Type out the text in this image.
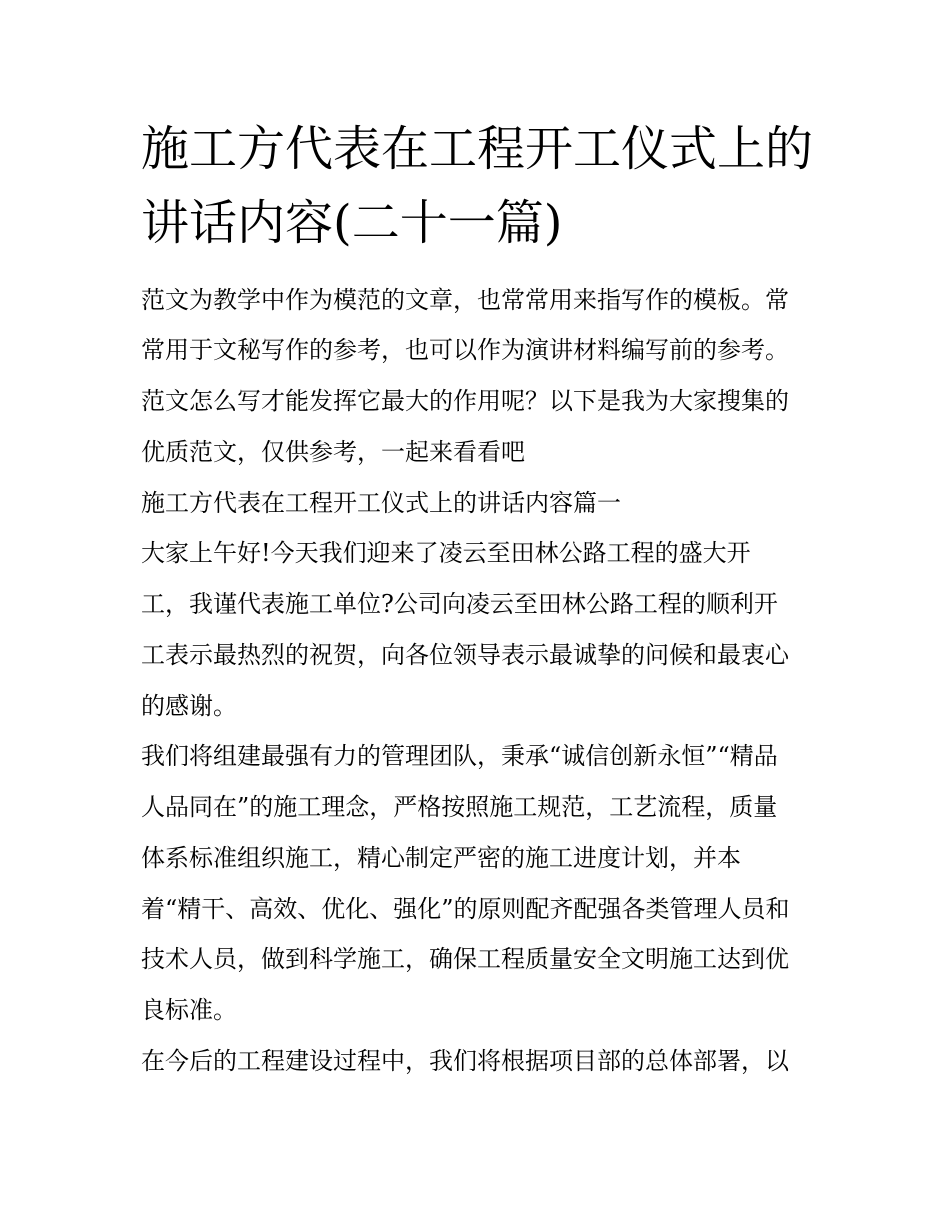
施工方代表在工程开工仪式上的讲话内容(二十一篇)

范文为教学中作为模范的文章，也常常用来指写作的模板。常

常用于文秘写作的参考，也可以作为演讲材料编写前的参考。

范文怎么写才能发挥它最大的作用呢？以下是我为大家搜集的

优质范文，仅供参考，一起来看看吧

施工方代表在工程开工仪式上的讲话内容篇一

大家上午好!今天我们迎来了凌云至田林公路工程的盛大开

工，我谨代表施工单位?公司向凌云至田林公路工程的顺利开

工表示最热烈的祝贺，向各位领导表示最诚挚的问候和最衷心

的感谢。

我们将组建最强有力的管理团队，秉承“诚信创新永恒”“精品

人品同在”的施工理念，严格按照施工规范，工艺流程，质量

体系标准组织施工，精心制定严密的施工进度计划，并本

着“精干、高效、优化、强化”的原则配齐配强各类管理人员和

技术人员，做到科学施工，确保工程质量安全文明施工达到优

良标准。

在今后的工程建设过程中，我们将根据项目部的总体部署，以
